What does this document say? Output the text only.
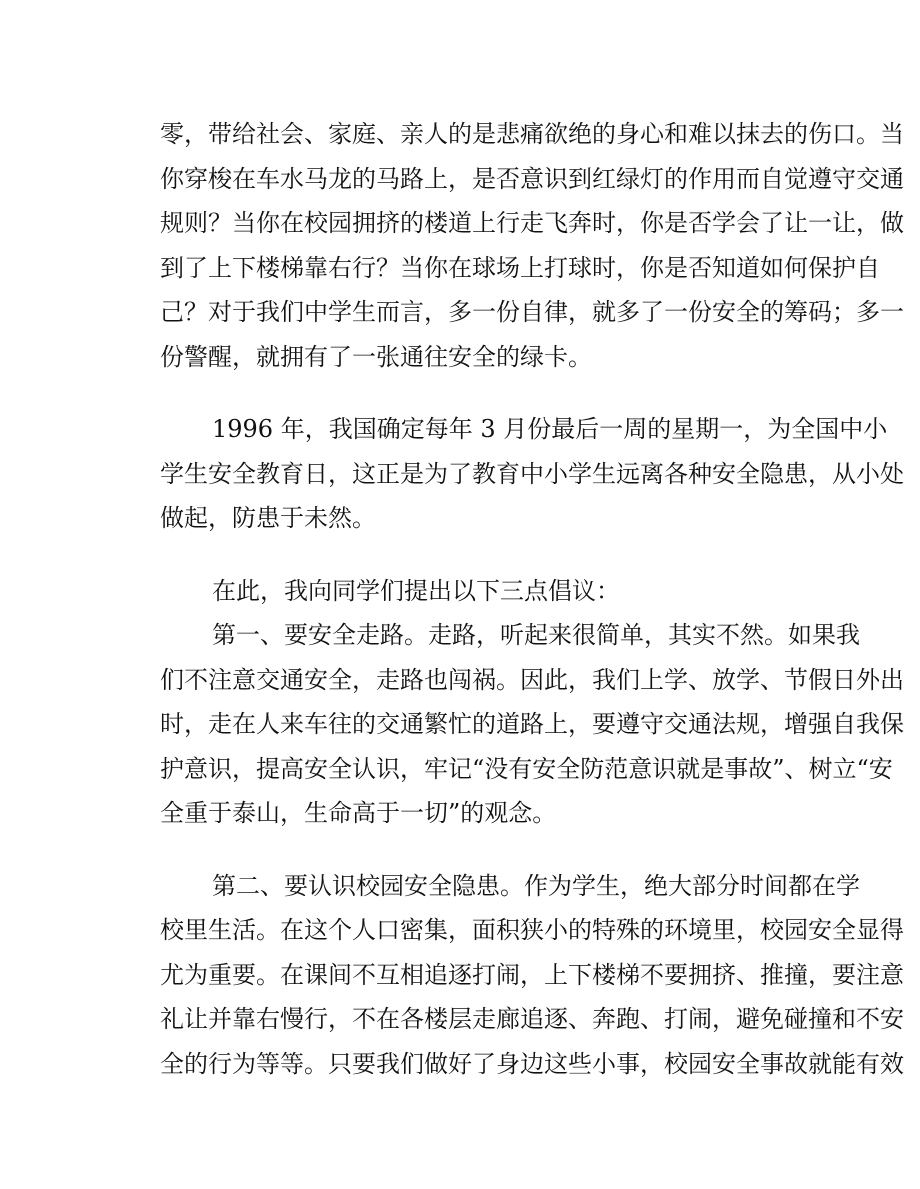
零，带给社会、家庭、亲人的是悲痛欲绝的身心和难以抹去的伤口。当
你穿梭在车水马龙的马路上，是否意识到红绿灯的作用而自觉遵守交通
规则？当你在校园拥挤的楼道上行走飞奔时，你是否学会了让一让，做
到了上下楼梯靠右行？当你在球场上打球时，你是否知道如何保护自
己？对于我们中学生而言，多一份自律，就多了一份安全的筹码；多一
份警醒，就拥有了一张通往安全的绿卡。
1996 年，我国确定每年 3 月份最后一周的星期一，为全国中小
学生安全教育日，这正是为了教育中小学生远离各种安全隐患，从小处
做起，防患于未然。
在此，我向同学们提出以下三点倡议：
第一、要安全走路。走路，听起来很简单，其实不然。如果我
们不注意交通安全，走路也闯祸。因此，我们上学、放学、节假日外出
时，走在人来车往的交通繁忙的道路上，要遵守交通法规，增强自我保
护意识，提高安全认识，牢记“没有安全防范意识就是事故”、树立“安
全重于泰山，生命高于一切”的观念。
第二、要认识校园安全隐患。作为学生，绝大部分时间都在学
校里生活。在这个人口密集，面积狭小的特殊的环境里，校园安全显得
尤为重要。在课间不互相追逐打闹，上下楼梯不要拥挤、推撞，要注意
礼让并靠右慢行，不在各楼层走廊追逐、奔跑、打闹，避免碰撞和不安
全的行为等等。只要我们做好了身边这些小事，校园安全事故就能有效
